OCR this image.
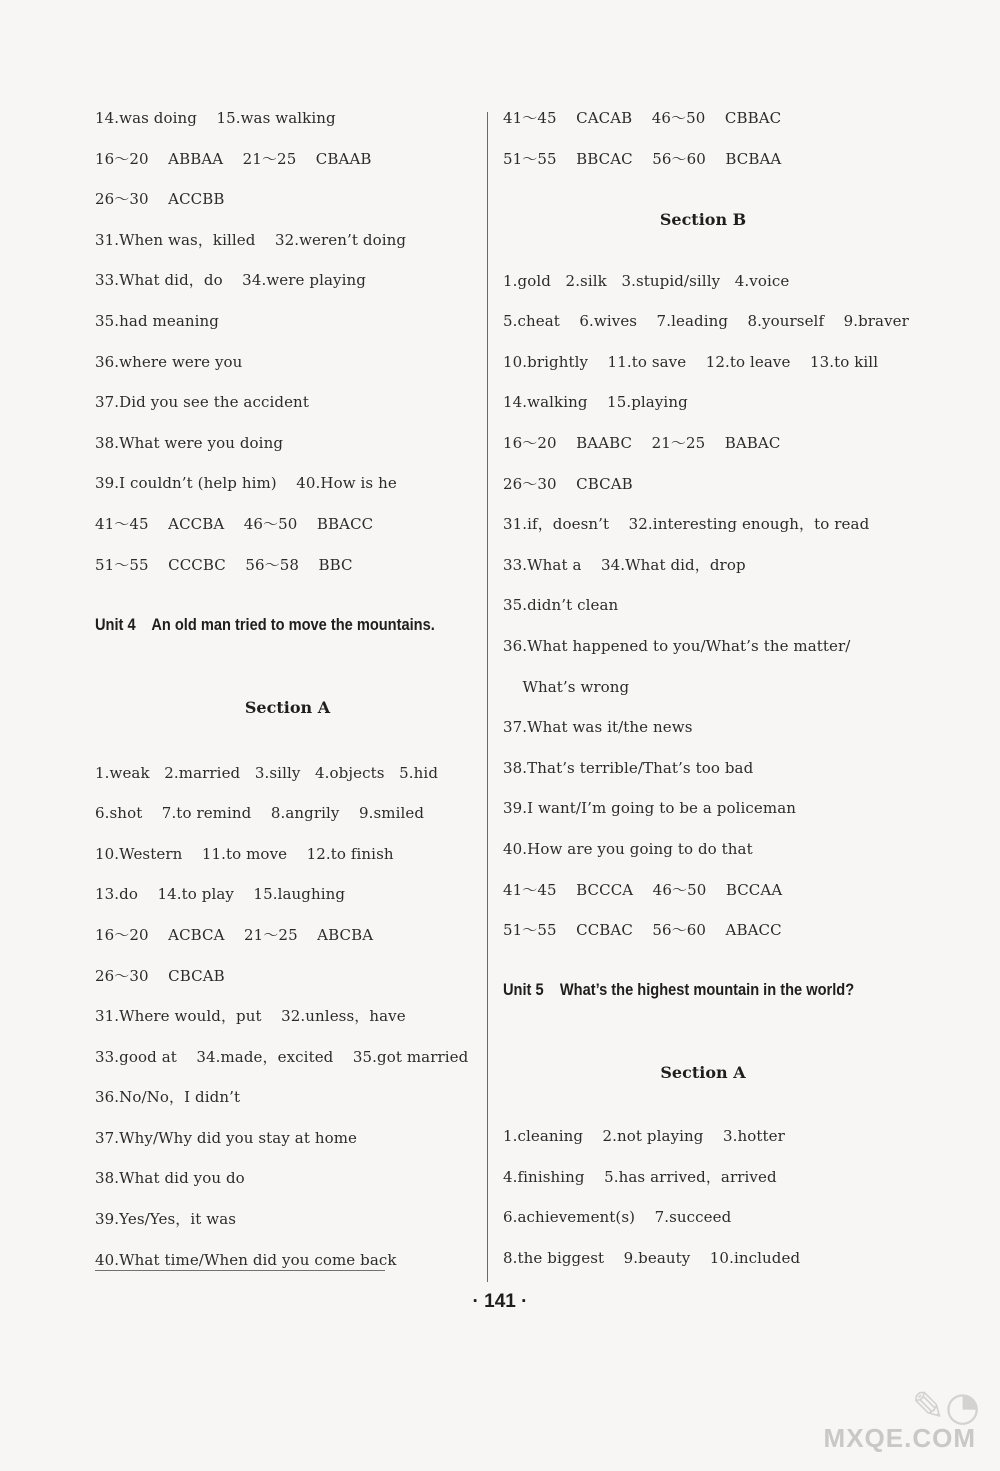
14.was doing    15.was walking
16～20    ABBAA    21～25    CBAAB
26～30    ACCBB
31.When was，killed    32.weren’t doing
33.What did，do    34.were playing
35.had meaning
36.where were you
37.Did you see the accident
38.What were you doing
39.I couldn’t (help him)    40.How is he
41～45    ACCBA    46～50    BBACC
51～55    CCCBC    56～58    BBC
Unit 4    An old man tried to move the mountains.
Section A
1.weak   2.married   3.silly   4.objects   5.hid
6.shot    7.to remind    8.angrily    9.smiled
10.Western    11.to move    12.to finish
13.do    14.to play    15.laughing
16～20    ACBCA    21～25    ABCBA
26～30    CBCAB
31.Where would，put    32.unless，have
33.good at    34.made，excited    35.got married
36.No/No，I didn’t
37.Why/Why did you stay at home
38.What did you do
39.Yes/Yes，it was
40.What time/When did you come back
41～45    CACAB    46～50    CBBAC
51～55    BBCAC    56～60    BCBAA
Section B
1.gold   2.silk   3.stupid/silly   4.voice
5.cheat    6.wives    7.leading    8.yourself    9.braver
10.brightly    11.to save    12.to leave    13.to kill
14.walking    15.playing
16～20    BAABC    21～25    BABAC
26～30    CBCAB
31.if，doesn’t    32.interesting enough，to read
33.What a    34.What did，drop
35.didn’t clean
36.What happened to you/What’s the matter/
What’s wrong
37.What was it/the news
38.That’s terrible/That’s too bad
39.I want/I’m going to be a policeman
40.How are you going to do that
41～45    BCCCA    46～50    BCCAA
51～55    CCBAC    56～60    ABACC
Unit 5    What’s the highest mountain in the world?
Section A
1.cleaning    2.not playing    3.hotter
4.finishing    5.has arrived，arrived
6.achievement(s)    7.succeed
8.the biggest    9.beauty    10.included
· 141 ·
✎◔
MXQE.COM
